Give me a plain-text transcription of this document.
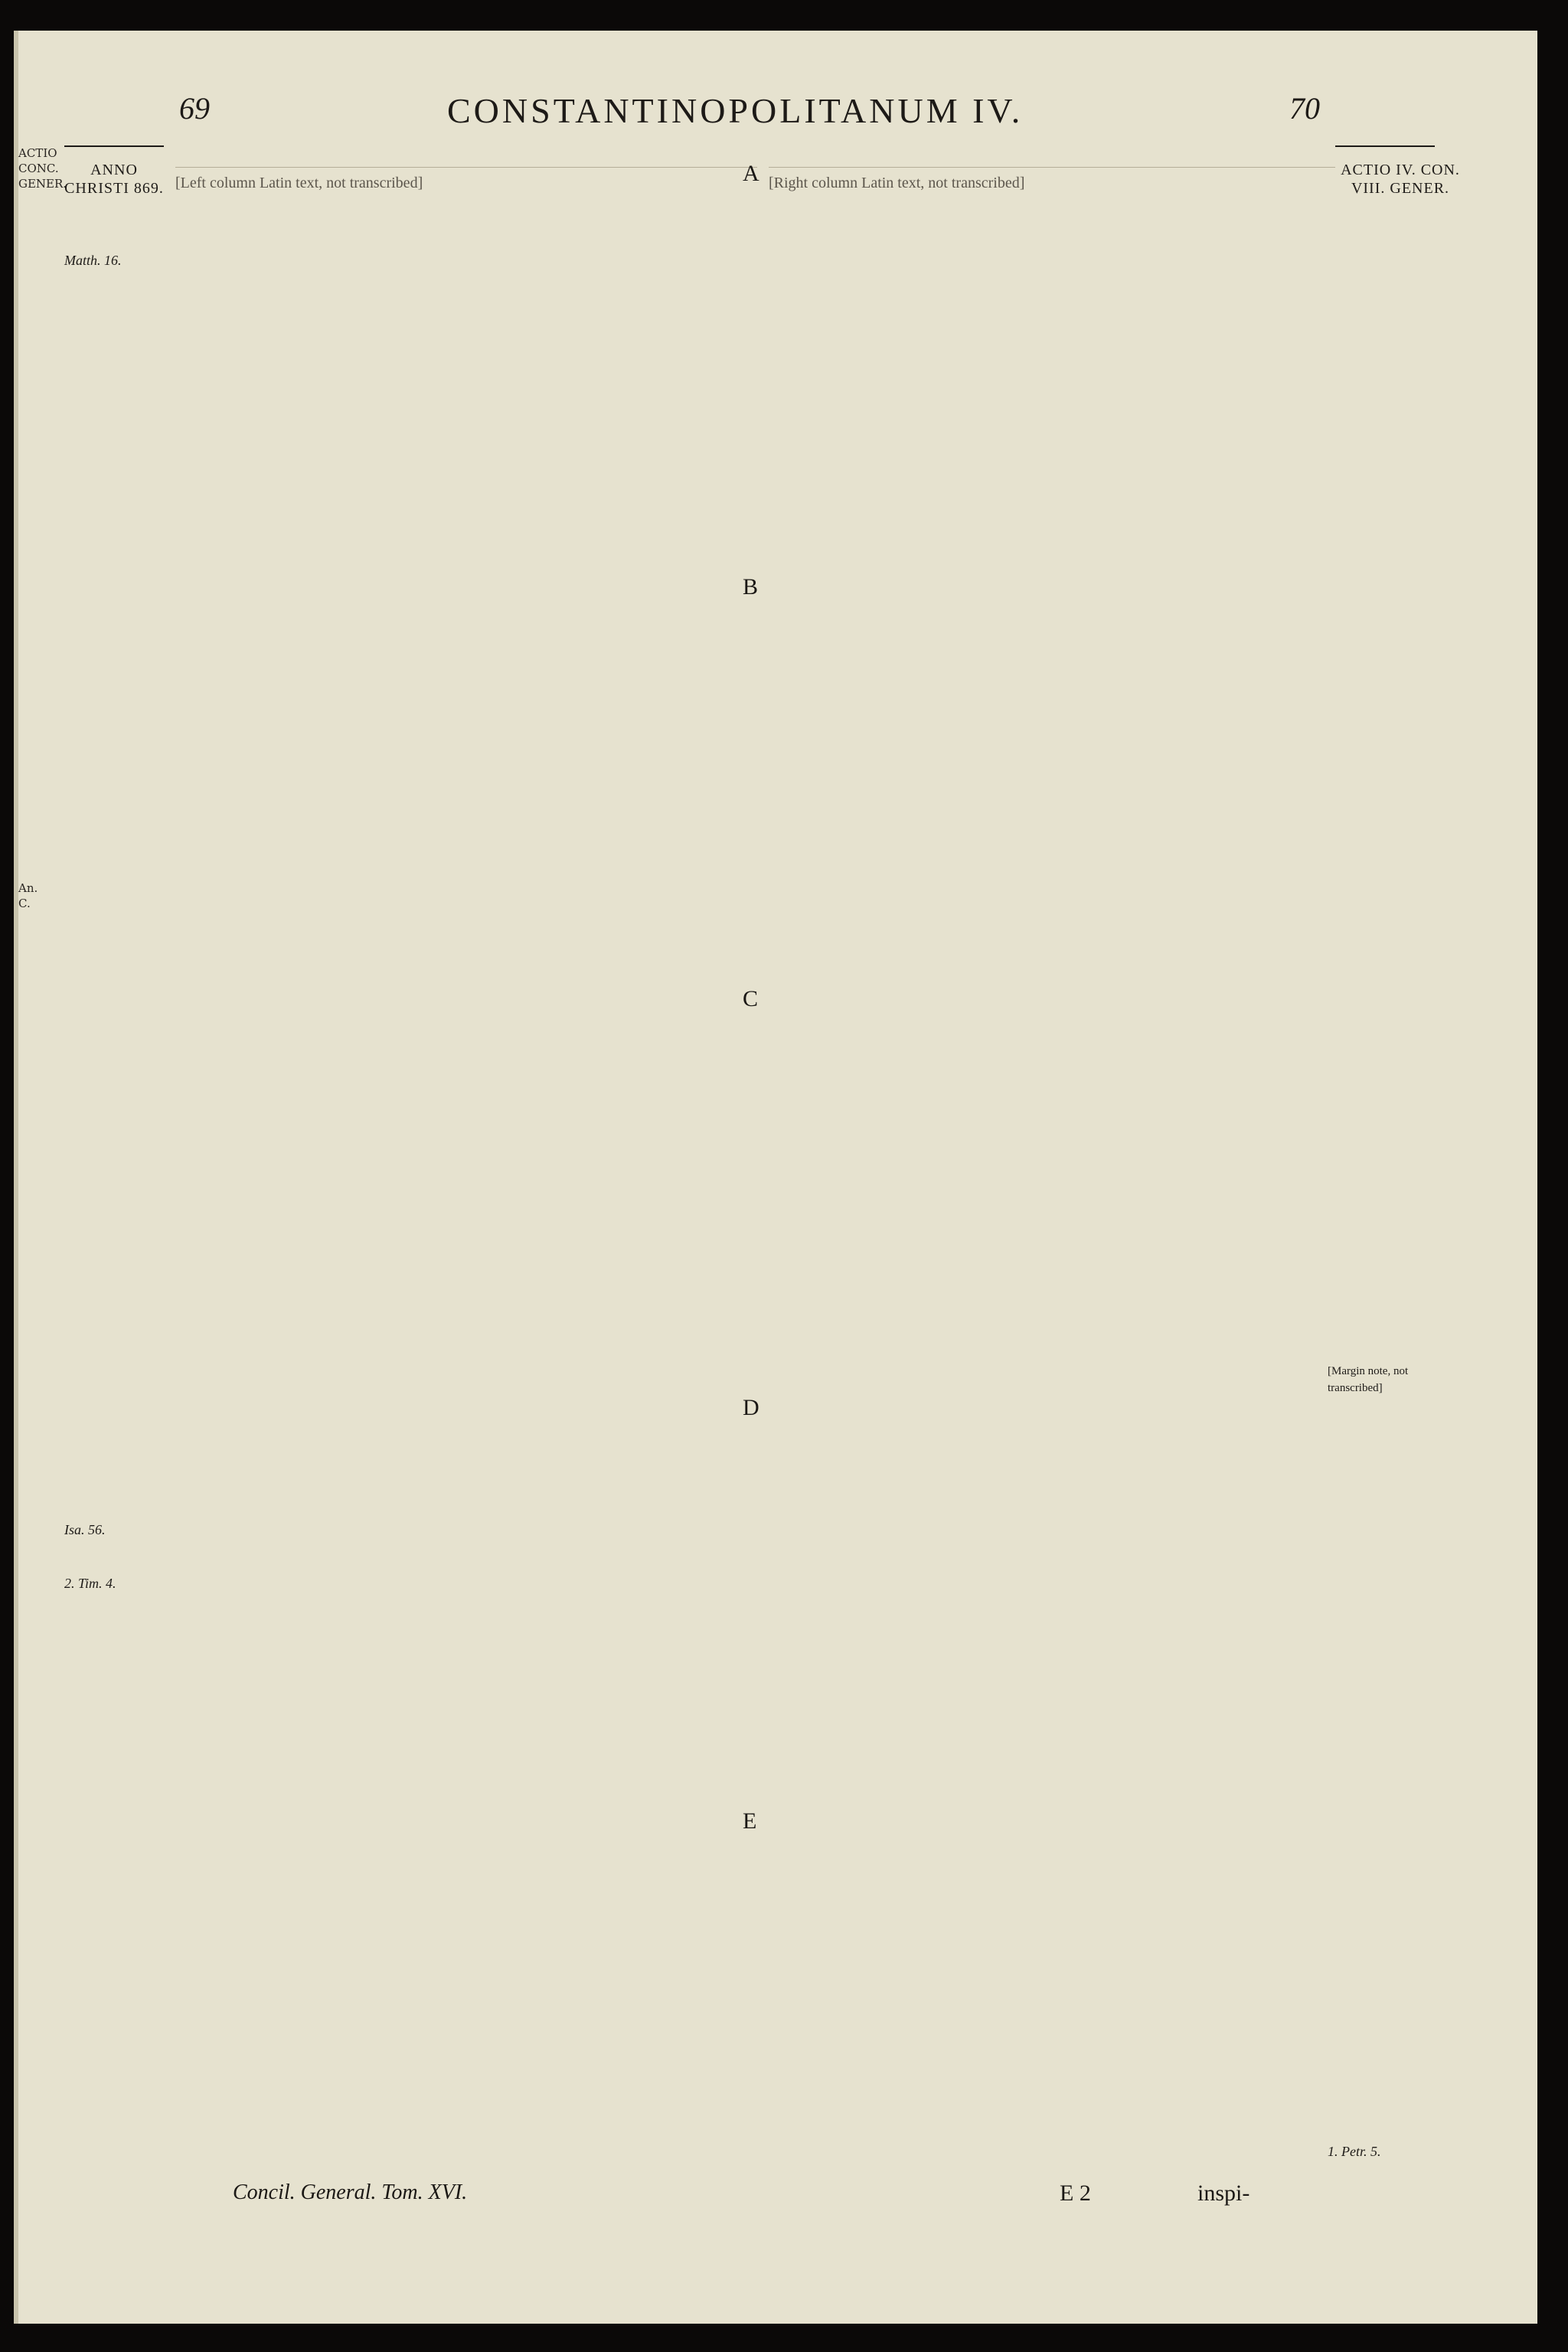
ACTIO
CONC.
GENER.
An. C.
69	CONSTANTINOPOLITANUM IV.	70
ANNO CHRISTI 869.
Matth. 16.
Isa. 56.
2. Tim. 4.
ACTIO IV. CON. VIII. GENER.
1. Petr. 5.
[Margin note, not transcribed]
[Left column Latin text, not transcribed]	[Right column Latin text, not transcribed]
A
B
C
D
E
Concil. General. Tom. XVI.	E 2	inspi-
